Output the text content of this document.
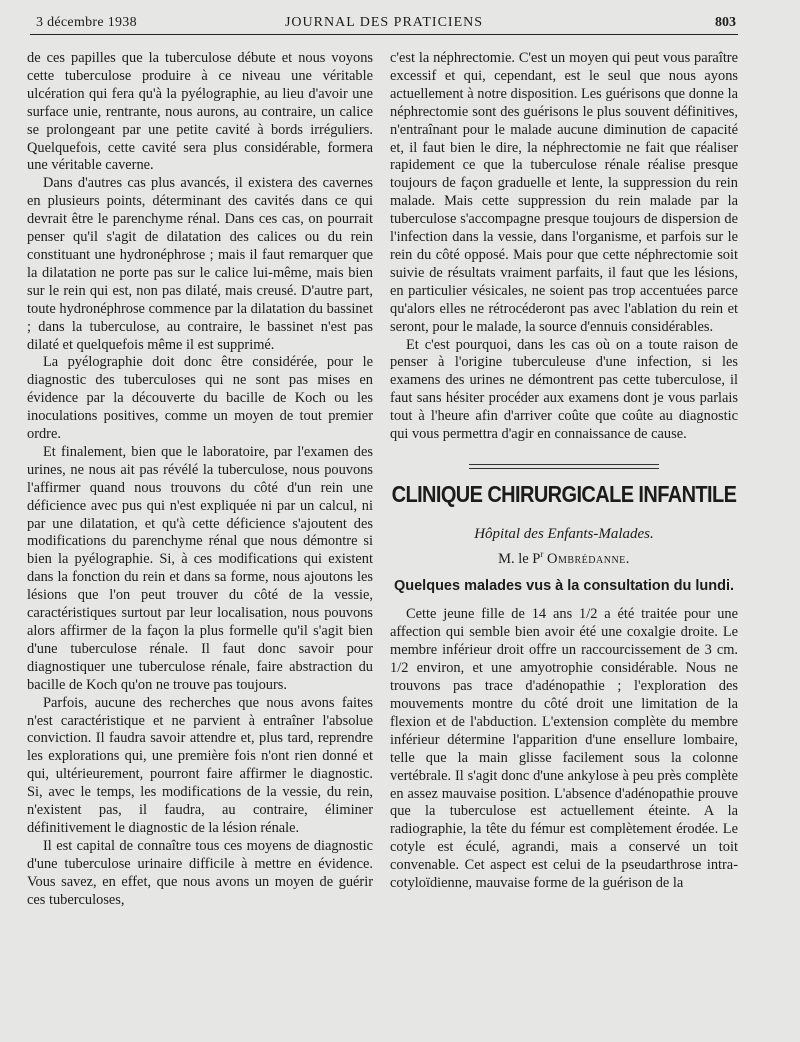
3 décembre 1938	JOURNAL DES PRATICIENS	803

de ces papilles que la tuberculose débute et nous voyons cette tuberculose produire à ce niveau une véritable ulcération qui fera qu'à la pyélographie, au lieu d'avoir une surface unie, rentrante, nous aurons, au contraire, un calice se prolongeant par une petite cavité à bords irréguliers. Quelquefois, cette cavité sera plus considérable, formera une véritable caverne.

Dans d'autres cas plus avancés, il existera des cavernes en plusieurs points, déterminant des cavités dans ce qui devrait être le parenchyme rénal. Dans ces cas, on pourrait penser qu'il s'agit de dilatation des calices ou du rein constituant une hydronéphrose ; mais il faut remarquer que la dilatation ne porte pas sur le calice lui-même, mais bien sur le rein qui est, non pas dilaté, mais creusé. D'autre part, toute hydronéphrose commence par la dilatation du bassinet ; dans la tuberculose, au contraire, le bassinet n'est pas dilaté et quelquefois même il est supprimé.

La pyélographie doit donc être considérée, pour le diagnostic des tuberculoses qui ne sont pas mises en évidence par la découverte du bacille de Koch ou les inoculations positives, comme un moyen de tout premier ordre.

Et finalement, bien que le laboratoire, par l'examen des urines, ne nous ait pas révélé la tuberculose, nous pouvons l'affirmer quand nous trouvons du côté d'un rein une déficience avec pus qui n'est expliquée ni par un calcul, ni par une dilatation, et qu'à cette déficience s'ajoutent des modifications du parenchyme rénal que nous démontre si bien la pyélographie. Si, à ces modifications qui existent dans la fonction du rein et dans sa forme, nous ajoutons les lésions que l'on peut trouver du côté de la vessie, caractéristiques surtout par leur localisation, nous pouvons alors affirmer de la façon la plus formelle qu'il s'agit bien d'une tuberculose rénale. Il faut donc savoir pour diagnostiquer une tuberculose rénale, faire abstraction du bacille de Koch qu'on ne trouve pas toujours.

Parfois, aucune des recherches que nous avons faites n'est caractéristique et ne parvient à entraîner l'absolue conviction. Il faudra savoir attendre et, plus tard, reprendre les explorations qui, une première fois n'ont rien donné et qui, ultérieurement, pourront faire affirmer le diagnostic. Si, avec le temps, les modifications de la vessie, du rein, n'existent pas, il faudra, au contraire, éliminer définitivement le diagnostic de la lésion rénale.

Il est capital de connaître tous ces moyens de diagnostic d'une tuberculose urinaire difficile à mettre en évidence. Vous savez, en effet, que nous avons un moyen de guérir ces tuberculoses,

c'est la néphrectomie. C'est un moyen qui peut vous paraître excessif et qui, cependant, est le seul que nous ayons actuellement à notre disposition. Les guérisons que donne la néphrectomie sont des guérisons le plus souvent définitives, n'entraînant pour le malade aucune diminution de capacité et, il faut bien le dire, la néphrectomie ne fait que réaliser rapidement ce que la tuberculose rénale réalise presque toujours de façon graduelle et lente, la suppression du rein malade. Mais cette suppression du rein malade par la tuberculose s'accompagne presque toujours de dispersion de l'infection dans la vessie, dans l'organisme, et parfois sur le rein du côté opposé. Mais pour que cette néphrectomie soit suivie de résultats vraiment parfaits, il faut que les lésions, en particulier vésicales, ne soient pas trop accentuées parce qu'alors elles ne rétrocéderont pas avec l'ablation du rein et seront, pour le malade, la source d'ennuis considérables.

Et c'est pourquoi, dans les cas où on a toute raison de penser à l'origine tuberculeuse d'une infection, si les examens des urines ne démontrent pas cette tuberculose, il faut sans hésiter procéder aux examens dont je vous parlais tout à l'heure afin d'arriver coûte que coûte au diagnostic qui vous permettra d'agir en connaissance de cause.

CLINIQUE CHIRURGICALE INFANTILE
Hôpital des Enfants-Malades.
M. le $P^r$ Ombrédanne.
Quelques malades vus à la consultation du lundi.

Cette jeune fille de 14 ans 1/2 a été traitée pour une affection qui semble bien avoir été une coxalgie droite. Le membre inférieur droit offre un raccourcissement de 3 cm. 1/2 environ, et une amyotrophie considérable. Nous ne trouvons pas trace d'adénopathie ; l'exploration des mouvements montre du côté droit une limitation de la flexion et de l'abduction. L'extension complète du membre inférieur détermine l'apparition d'une ensellure lombaire, telle que la main glisse facilement sous la colonne vertébrale. Il s'agit donc d'une ankylose à peu près complète en assez mauvaise position. L'absence d'adénopathie prouve que la tuberculose est actuellement éteinte. A la radiographie, la tête du fémur est complètement érodée. Le cotyle est éculé, agrandi, mais a conservé un toit convenable. Cet aspect est celui de la pseudarthrose intra-cotyloïdienne, mauvaise forme de la guérison de la
